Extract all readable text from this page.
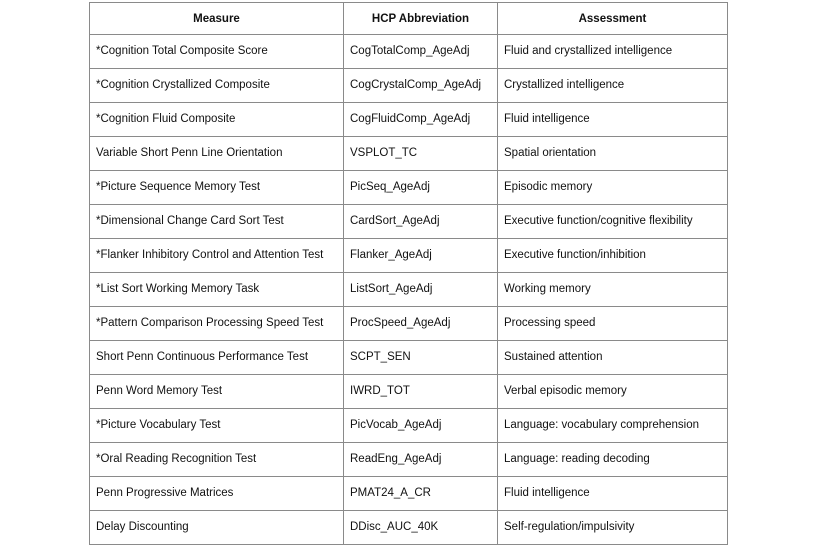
Measure	HCP Abbreviation	Assessment
*Cognition Total Composite Score	CogTotalComp_AgeAdj	Fluid and crystallized intelligence
*Cognition Crystallized Composite	CogCrystalComp_AgeAdj	Crystallized intelligence
*Cognition Fluid Composite	CogFluidComp_AgeAdj	Fluid intelligence
Variable Short Penn Line Orientation	VSPLOT_TC	Spatial orientation
*Picture Sequence Memory Test	PicSeq_AgeAdj	Episodic memory
*Dimensional Change Card Sort Test	CardSort_AgeAdj	Executive function/cognitive flexibility
*Flanker Inhibitory Control and Attention Test	Flanker_AgeAdj	Executive function/inhibition
*List Sort Working Memory Task	ListSort_AgeAdj	Working memory
*Pattern Comparison Processing Speed Test	ProcSpeed_AgeAdj	Processing speed
Short Penn Continuous Performance Test	SCPT_SEN	Sustained attention
Penn Word Memory Test	IWRD_TOT	Verbal episodic memory
*Picture Vocabulary Test	PicVocab_AgeAdj	Language: vocabulary comprehension
*Oral Reading Recognition Test	ReadEng_AgeAdj	Language: reading decoding
Penn Progressive Matrices	PMAT24_A_CR	Fluid intelligence
Delay Discounting	DDisc_AUC_40K	Self-regulation/impulsivity
